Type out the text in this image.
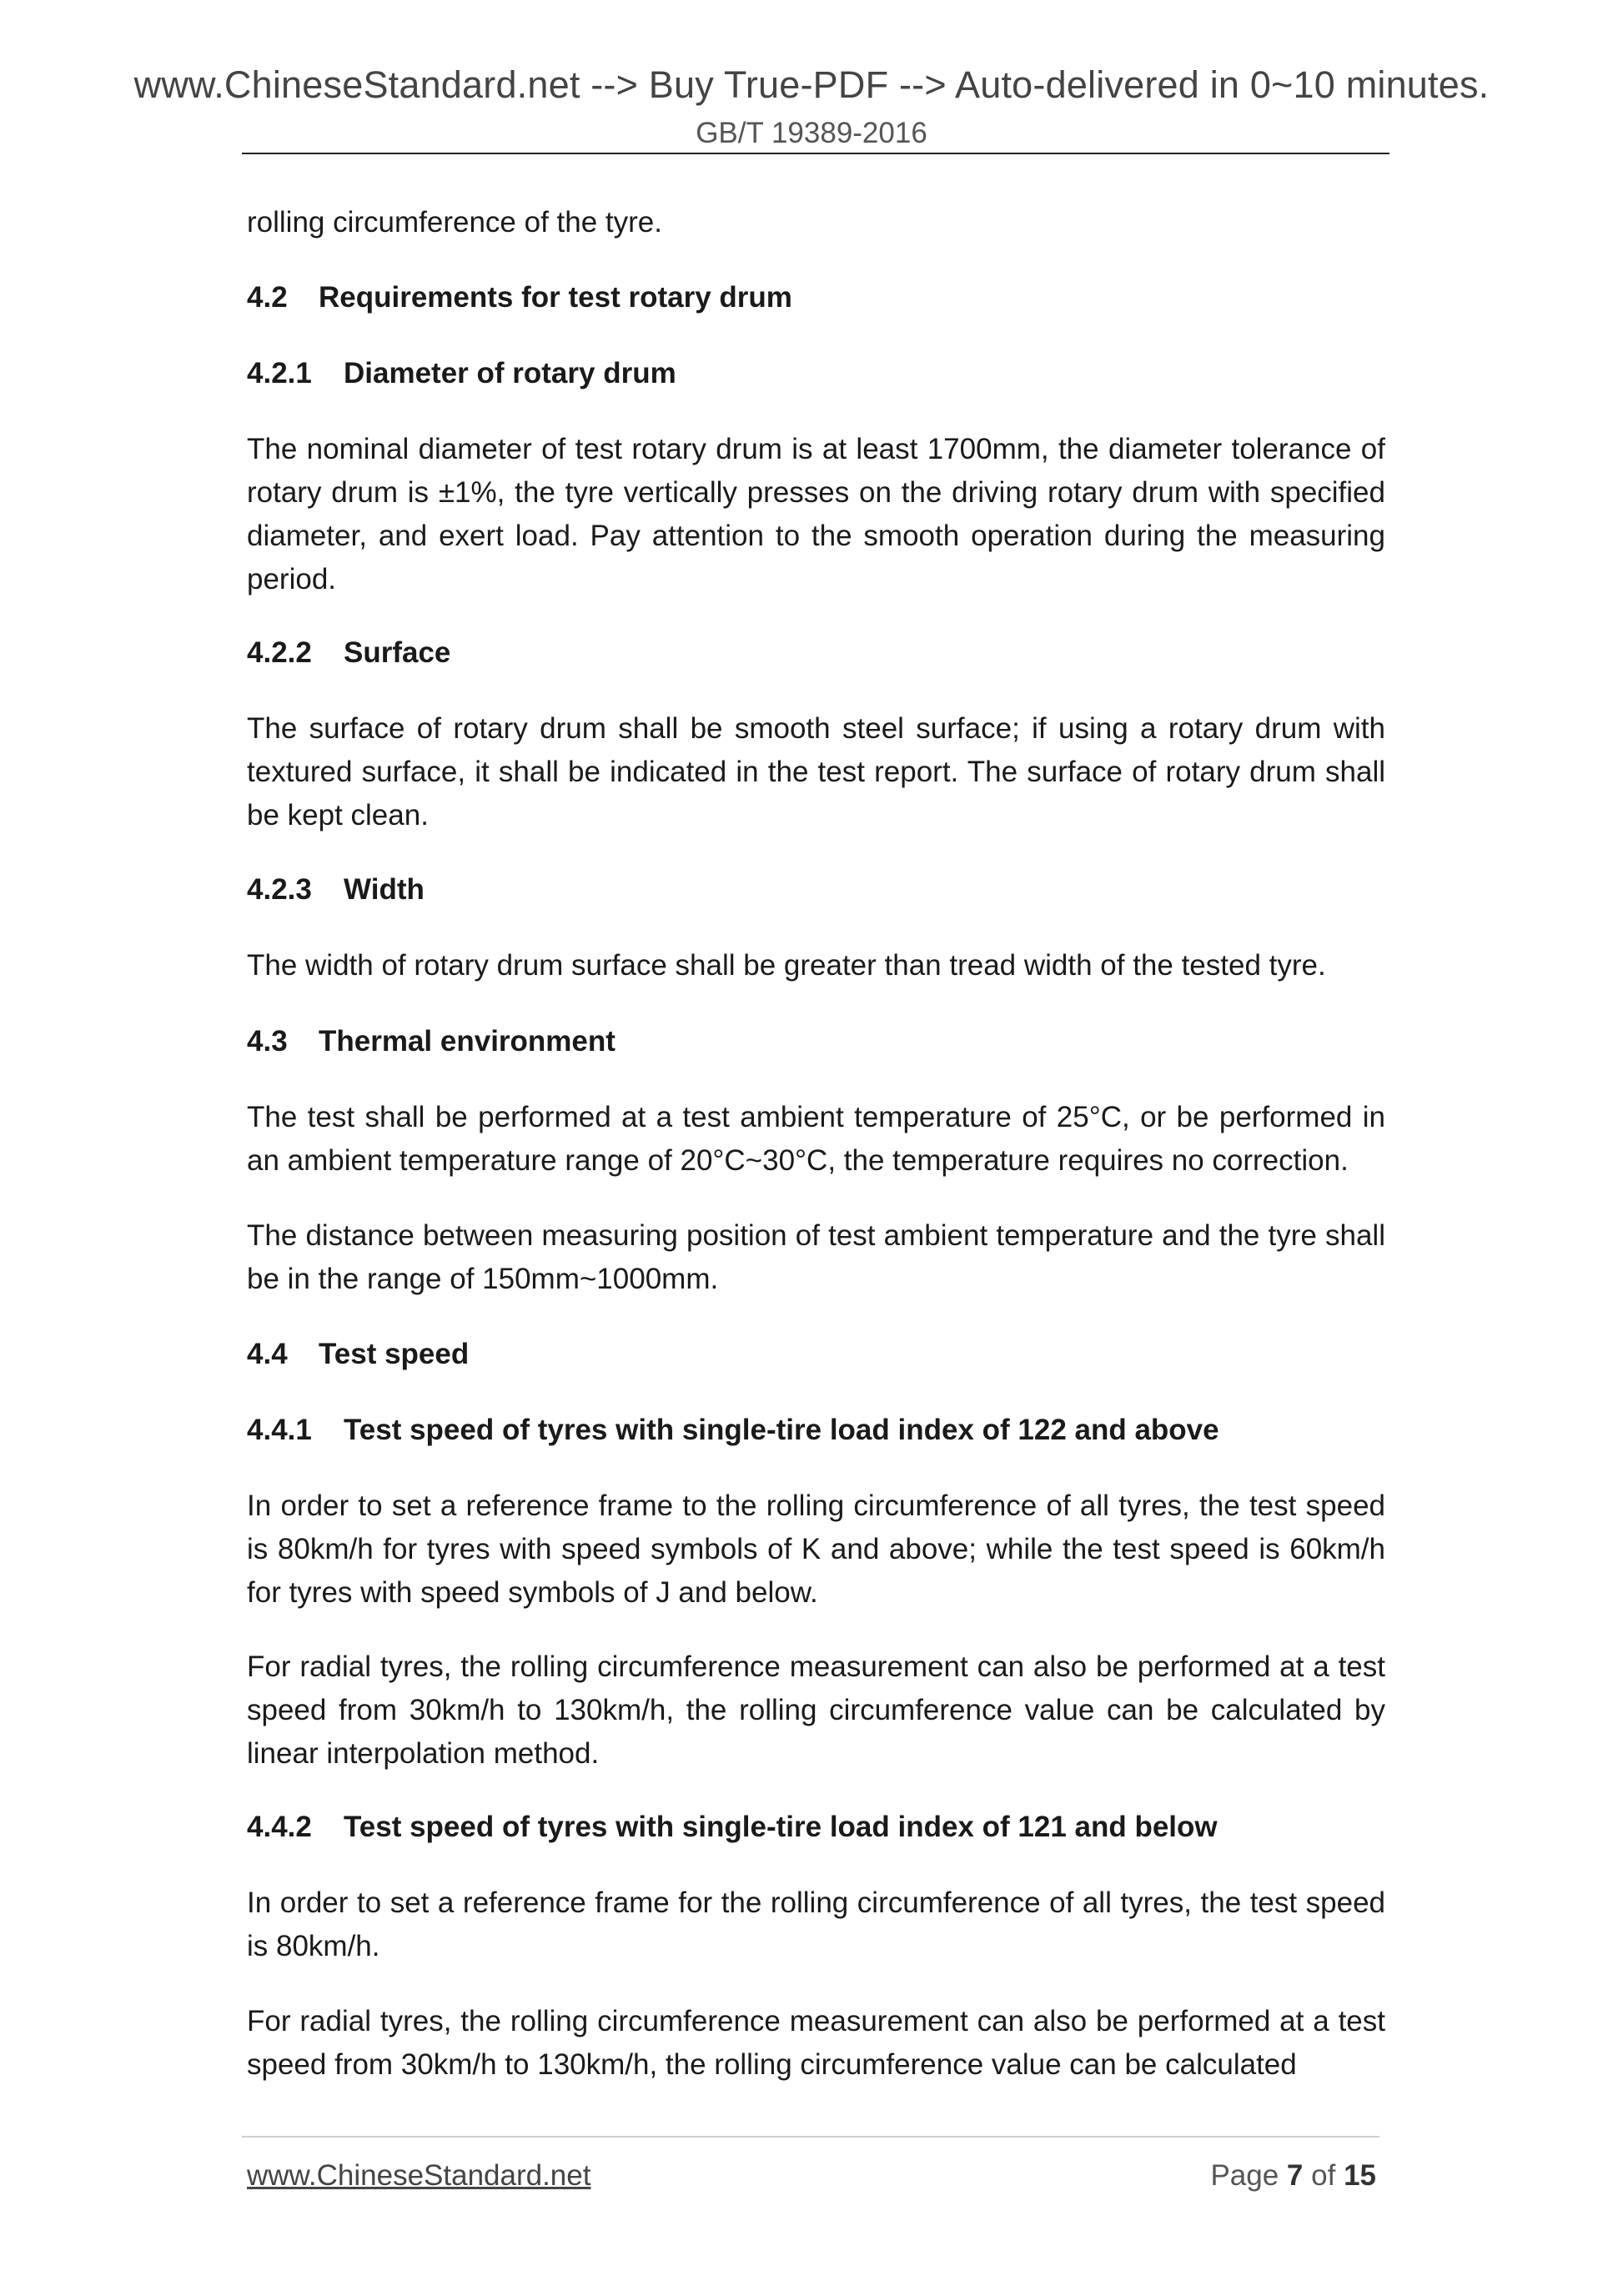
www.ChineseStandard.net --> Buy True-PDF --> Auto-delivered in 0~10 minutes.
GB/T 19389-2016

rolling circumference of the tyre.

4.2 Requirements for test rotary drum
4.2.1 Diameter of rotary drum

The nominal diameter of test rotary drum is at least 1700mm, the diameter tolerance of rotary drum is ±1%, the tyre vertically presses on the driving rotary drum with specified diameter, and exert load. Pay attention to the smooth operation during the measuring period.

4.2.2 Surface

The surface of rotary drum shall be smooth steel surface; if using a rotary drum with textured surface, it shall be indicated in the test report. The surface of rotary drum shall be kept clean.

4.2.3 Width

The width of rotary drum surface shall be greater than tread width of the tested tyre.

4.3 Thermal environment

The test shall be performed at a test ambient temperature of 25°C, or be performed in an ambient temperature range of 20°C~30°C, the temperature requires no correction.

The distance between measuring position of test ambient temperature and the tyre shall be in the range of 150mm~1000mm.

4.4 Test speed
4.4.1 Test speed of tyres with single-tire load index of 122 and above

In order to set a reference frame to the rolling circumference of all tyres, the test speed is 80km/h for tyres with speed symbols of K and above; while the test speed is 60km/h for tyres with speed symbols of J and below.

For radial tyres, the rolling circumference measurement can also be performed at a test speed from 30km/h to 130km/h, the rolling circumference value can be calculated by linear interpolation method.

4.4.2 Test speed of tyres with single-tire load index of 121 and below

In order to set a reference frame for the rolling circumference of all tyres, the test speed is 80km/h.

For radial tyres, the rolling circumference measurement can also be performed at a test speed from 30km/h to 130km/h, the rolling circumference value can be calculated

www.ChineseStandard.net	Page 7 of 15
